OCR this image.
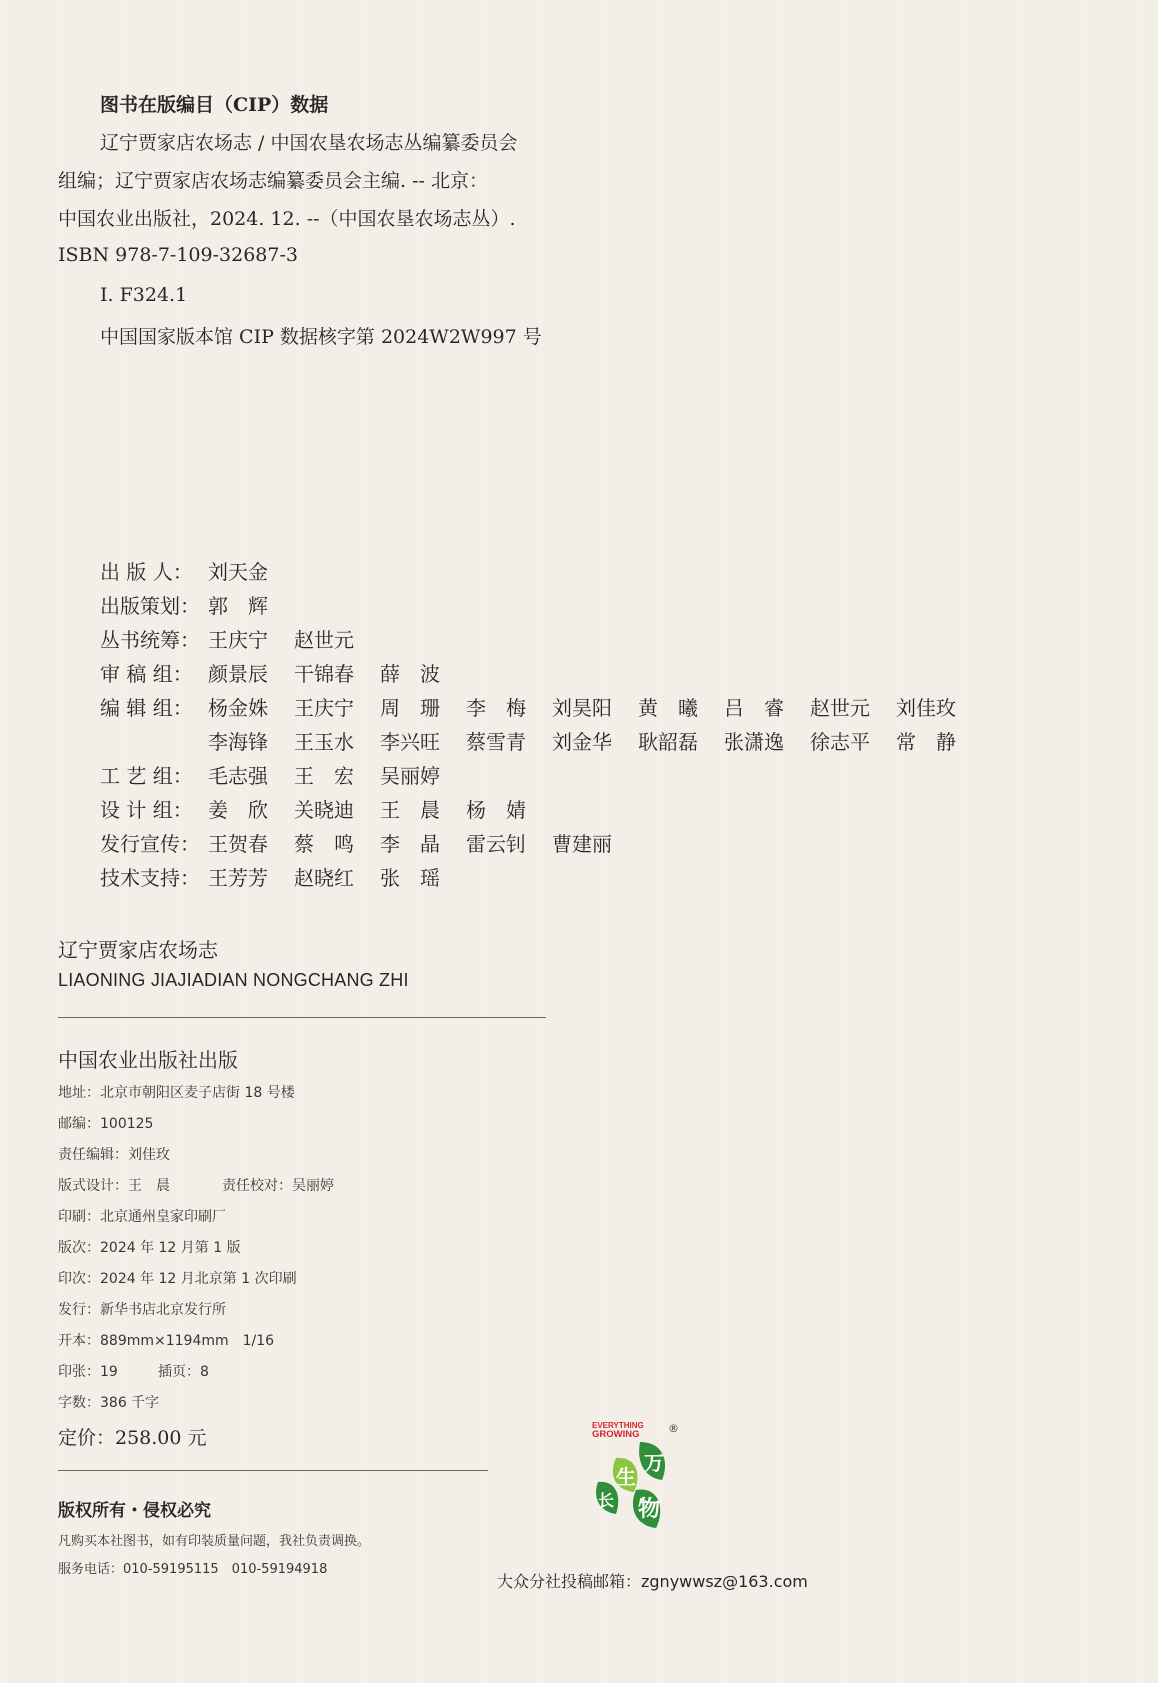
图书在版编目（CIP）数据
辽宁贾家店农场志 / 中国农垦农场志丛编纂委员会
组编；辽宁贾家店农场志编纂委员会主编. -- 北京：
中国农业出版社，2024. 12. --（中国农垦农场志丛）.
ISBN 978-7-109-32687-3
Ⅰ. F324.1
中国国家版本馆 CIP 数据核字第 2024W2W997 号
出 版 人： 刘天金
出版策划： 郭　辉
丛书统筹： 王庆宁 赵世元
审 稿 组： 颜景辰 干锦春 薛　波
编 辑 组： 杨金姝 王庆宁 周　珊 李　梅 刘昊阳 黄　曦 吕　睿 赵世元 刘佳玫
李海锋 王玉水 李兴旺 蔡雪青 刘金华 耿韶磊 张潇逸 徐志平 常　静
工 艺 组： 毛志强 王　宏 吴丽婷
设 计 组： 姜　欣 关晓迪 王　晨 杨　婧
发行宣传： 王贺春 蔡　鸣 李　晶 雷云钊 曹建丽
技术支持： 王芳芳 赵晓红 张　瑶
辽宁贾家店农场志
LIAONING JIAJIADIAN NONGCHANG ZHI
中国农业出版社出版
地址：北京市朝阳区麦子店街 18 号楼
邮编：100125
责任编辑：刘佳玫
版式设计：王　晨	责任校对：吴丽婷
印刷：北京通州皇家印刷厂
版次：2024 年 12 月第 1 版
印次：2024 年 12 月北京第 1 次印刷
发行：新华书店北京发行所
开本：889mm×1194mm　1/16
印张：19	插页：8
字数：386 千字
定价：258.00 元
版权所有・侵权必究
凡购买本社图书，如有印装质量问题，我社负责调换。
服务电话：010-59195115　010-59194918
EVERYTHING
GROWING	®
万
生
长 物
大众分社投稿邮箱：zgnywwsz@163.com
